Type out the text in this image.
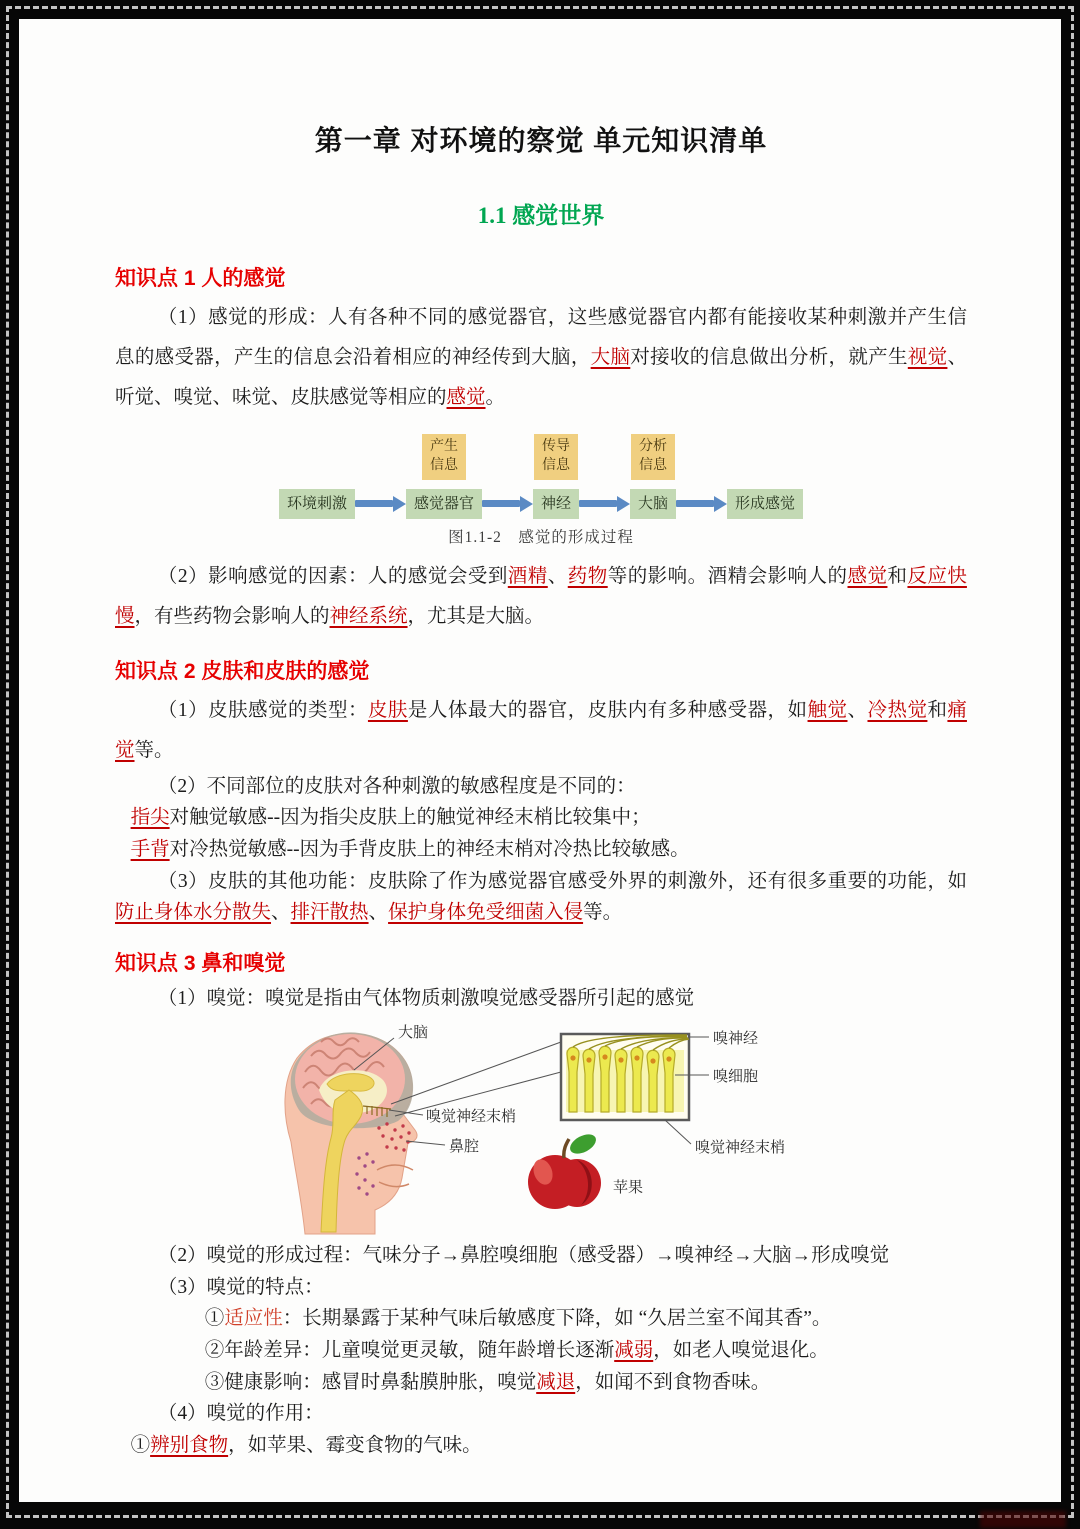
第一章 对环境的察觉 单元知识清单
1.1 感觉世界
知识点 1 人的感觉

（1）感觉的形成：人有各种不同的感觉器官，这些感觉器官内都有能接收某种刺激并产生信息的感受器，产生的信息会沿着相应的神经传到大脑，大脑对接收的信息做出分析，就产生视觉、听觉、嗅觉、味觉、皮肤感觉等相应的感觉。

环境刺激
产生信息
感觉器官
传导信息
神经
分析信息
大脑	形成感觉
图1.1-2　感觉的形成过程

（2）影响感觉的因素：人的感觉会受到酒精、药物等的影响。酒精会影响人的感觉和反应快慢，有些药物会影响人的神经系统，尤其是大脑。

知识点 2 皮肤和皮肤的感觉

（1）皮肤感觉的类型：皮肤是人体最大的器官，皮肤内有多种感受器，如触觉、冷热觉和痛觉等。

（2）不同部位的皮肤对各种刺激的敏感程度是不同的：

指尖对触觉敏感--因为指尖皮肤上的触觉神经末梢比较集中；

手背对冷热觉敏感--因为手背皮肤上的神经末梢对冷热比较敏感。

（3）皮肤的其他功能：皮肤除了作为感觉器官感受外界的刺激外，还有很多重要的功能，如防止身体水分散失、排汗散热、保护身体免受细菌入侵等。

知识点 3 鼻和嗅觉

（1）嗅觉：嗅觉是指由气体物质刺激嗅觉感受器所引起的感觉

大脑
嗅觉神经末梢
鼻腔
嗅神经
嗅细胞
嗅觉神经末梢
苹果

（2）嗅觉的形成过程：气味分子→鼻腔嗅细胞（感受器）→嗅神经→大脑→形成嗅觉

（3）嗅觉的特点：

①适应性：长期暴露于某种气味后敏感度下降，如 “久居兰室不闻其香”。

②年龄差异：儿童嗅觉更灵敏，随年龄增长逐渐减弱，如老人嗅觉退化。

③健康影响：感冒时鼻黏膜肿胀，嗅觉减退，如闻不到食物香味。

（4）嗅觉的作用：

①辨别食物，如苹果、霉变食物的气味。
